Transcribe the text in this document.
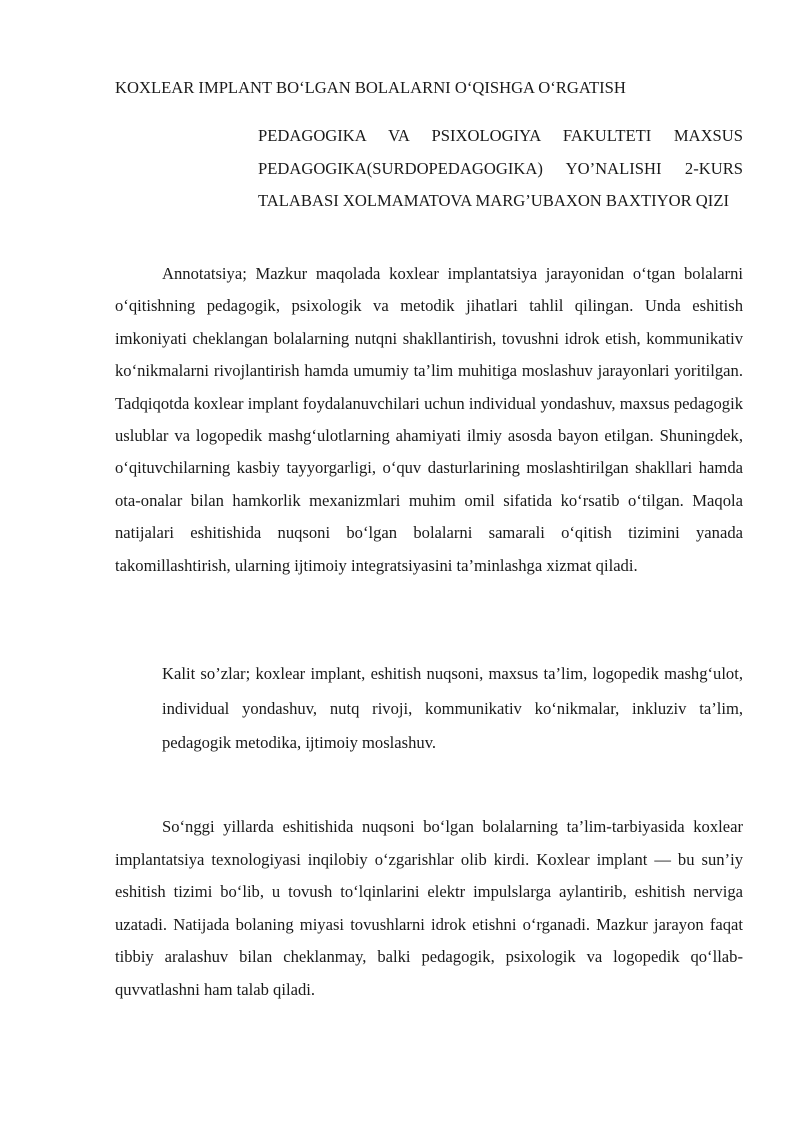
KOXLEAR IMPLANT BO‘LGAN BOLALARNI O‘QISHGA O‘RGATISH

PEDAGOGIKA VA PSIXOLOGIYA FAKULTETI MAXSUS PEDAGOGIKA(SURDOPEDAGOGIKA) YO’NALISHI 2-KURS TALABASI XOLMAMATOVA MARG’UBAXON BAXTIYOR QIZI

Annotatsiya; Mazkur maqolada koxlear implantatsiya jarayonidan o‘tgan bolalarni o‘qitishning pedagogik, psixologik va metodik jihatlari tahlil qilingan. Unda eshitish imkoniyati cheklangan bolalarning nutqni shakllantirish, tovushni idrok etish, kommunikativ ko‘nikmalarni rivojlantirish hamda umumiy ta’lim muhitiga moslashuv jarayonlari yoritilgan. Tadqiqotda koxlear implant foydalanuvchilari uchun individual yondashuv, maxsus pedagogik uslublar va logopedik mashg‘ulotlarning ahamiyati ilmiy asosda bayon etilgan. Shuningdek, o‘qituvchilarning kasbiy tayyorgarligi, o‘quv dasturlarining moslashtirilgan shakllari hamda ota-onalar bilan hamkorlik mexanizmlari muhim omil sifatida ko‘rsatib o‘tilgan. Maqola natijalari eshitishida nuqsoni bo‘lgan bolalarni samarali o‘qitish tizimini yanada takomillashtirish, ularning ijtimoiy integratsiyasini ta’minlashga xizmat qiladi.

Kalit so’zlar; koxlear implant, eshitish nuqsoni, maxsus ta’lim, logopedik mashg‘ulot, individual yondashuv, nutq rivoji, kommunikativ ko‘nikmalar, inkluziv ta’lim, pedagogik metodika, ijtimoiy moslashuv.

So‘nggi yillarda eshitishida nuqsoni bo‘lgan bolalarning ta’lim-tarbiyasida koxlear implantatsiya texnologiyasi inqilobiy o‘zgarishlar olib kirdi. Koxlear implant — bu sun’iy eshitish tizimi bo‘lib, u tovush to‘lqinlarini elektr impulslarga aylantirib, eshitish nerviga uzatadi. Natijada bolaning miyasi tovushlarni idrok etishni o‘rganadi. Mazkur jarayon faqat tibbiy aralashuv bilan cheklanmay, balki pedagogik, psixologik va logopedik qo‘llab-quvvatlashni ham talab qiladi.
